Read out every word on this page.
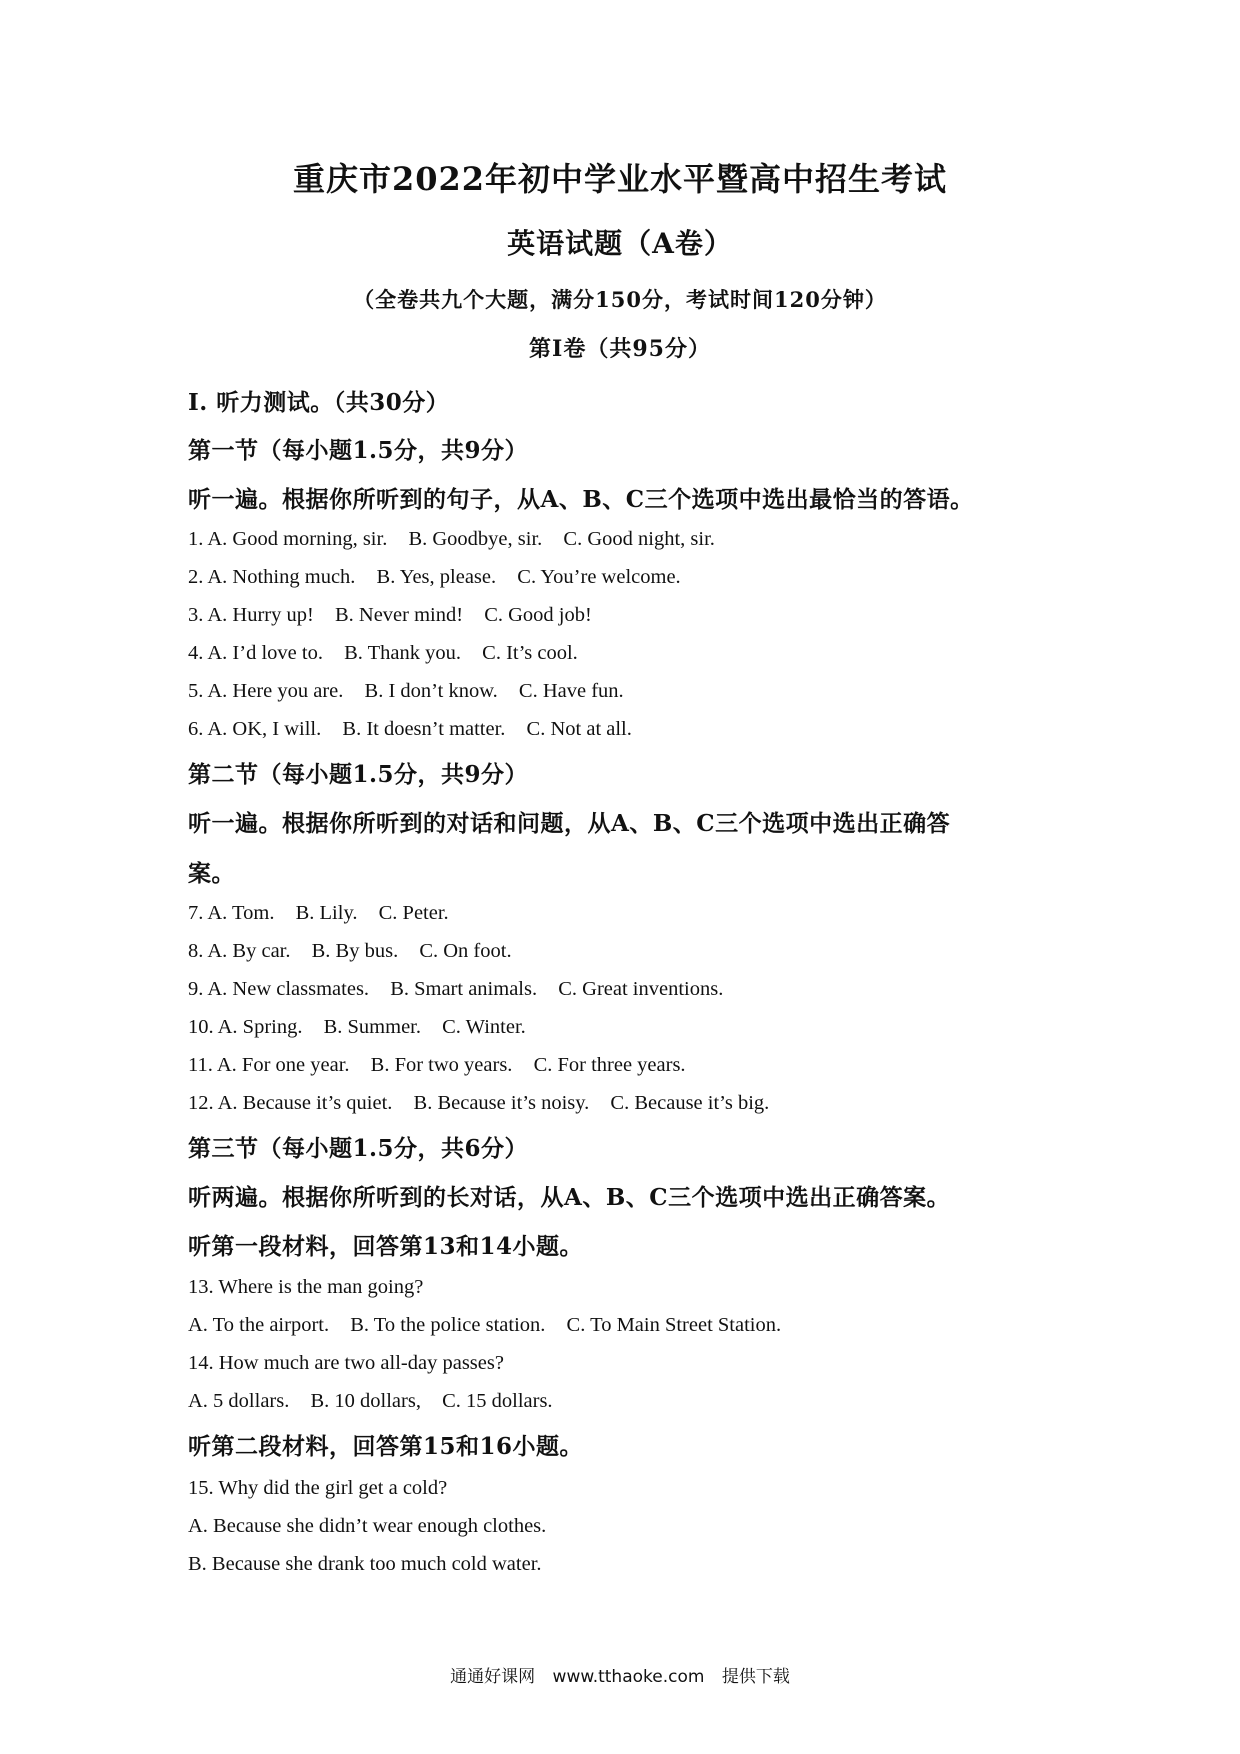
重庆市2022年初中学业水平暨高中招生考试
英语试题（A卷）
（全卷共九个大题，满分150分，考试时间120分钟）
第Ⅰ卷（共95分）
Ⅰ. 听力测试。（共30分）
第一节（每小题1.5分，共9分）
听一遍。根据你所听到的句子，从A、B、C三个选项中选出最恰当的答语。
1. A. Good morning, sir. B. Goodbye, sir. C. Good night, sir.
2. A. Nothing much. B. Yes, please. C. You’re welcome.
3. A. Hurry up! B. Never mind! C. Good job!
4. A. I’d love to. B. Thank you. C. It’s cool.
5. A. Here you are. B. I don’t know. C. Have fun.
6. A. OK, I will. B. It doesn’t matter. C. Not at all.
第二节（每小题1.5分，共9分）
听一遍。根据你所听到的对话和问题，从A、B、C三个选项中选出正确答
案。
7. A. Tom. B. Lily. C. Peter.
8. A. By car. B. By bus. C. On foot.
9. A. New classmates. B. Smart animals. C. Great inventions.
10. A. Spring. B. Summer. C. Winter.
11. A. For one year. B. For two years. C. For three years.
12. A. Because it’s quiet. B. Because it’s noisy. C. Because it’s big.
第三节（每小题1.5分，共6分）
听两遍。根据你所听到的长对话，从A、B、C三个选项中选出正确答案。
听第一段材料，回答第13和14小题。
13. Where is the man going?
A. To the airport. B. To the police station. C. To Main Street Station.
14. How much are two all-day passes?
A. 5 dollars. B. 10 dollars, C. 15 dollars.
听第二段材料，回答第15和16小题。
15. Why did the girl get a cold?
A. Because she didn’t wear enough clothes.
B. Because she drank too much cold water.
通通好课网 www.tthaoke.com 提供下载
